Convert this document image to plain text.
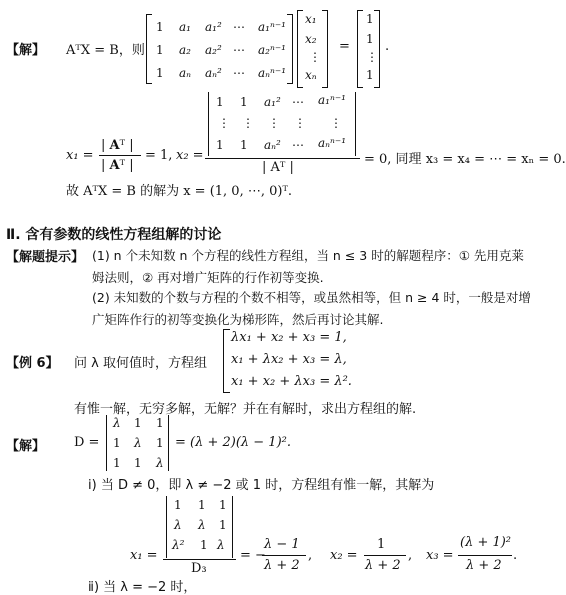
【解】 AᵀX = B，则
1 a₁ a₁² ⋯ a₁ⁿ⁻¹
1 a₂ a₂² ⋯ a₂ⁿ⁻¹
1 aₙ aₙ² ⋯ aₙⁿ⁻¹
x₁
x₂
⋮
xₙ
=
1
1
⋮
1
.
x₁ =
| Aᵀ |
| Aᵀ |
= 1, x₂ =
1 1 a₁² ⋯ a₁ⁿ⁻¹
⋮ ⋮ ⋮ ⋮ ⋮
1 1 aₙ² ⋯ aₙⁿ⁻¹
| Aᵀ |
= 0, 同理 x₃ = x₄ = ⋯ = xₙ = 0.
故 AᵀX = B 的解为 x = (1, 0, ⋯, 0)ᵀ.
Ⅱ. 含有参数的线性方程组解的讨论
【解题提示】 (1) n 个未知数 n 个方程的线性方程组，当 n ≤ 3 时的解题程序：① 先用克莱
姆法则，② 再对增广矩阵的行作初等变换.
(2) 未知数的个数与方程的个数不相等，或虽然相等，但 n ≥ 4 时，一般是对增
广矩阵作行的初等变换化为梯形阵，然后再讨论其解.
【例 6】 问 λ 取何值时，方程组
λx₁ + x₂ + x₃ = 1,
x₁ + λx₂ + x₃ = λ,
x₁ + x₂ + λx₃ = λ².
有惟一解，无穷多解，无解？并在有解时，求出方程组的解.
【解】 D =
λ 1 1
1 λ 1
1 1 λ
= (λ + 2)(λ − 1)².
ⅰ) 当 D ≠ 0，即 λ ≠ −2 或 1 时，方程组有惟一解，其解为
x₁ =
1 1 1
λ λ 1
λ² 1 λ
D₃
= −
λ − 1
λ + 2
, x₂ =
1
λ + 2
, x₃ =
(λ + 1)²
λ + 2
.
ⅱ) 当 λ = −2 时，
